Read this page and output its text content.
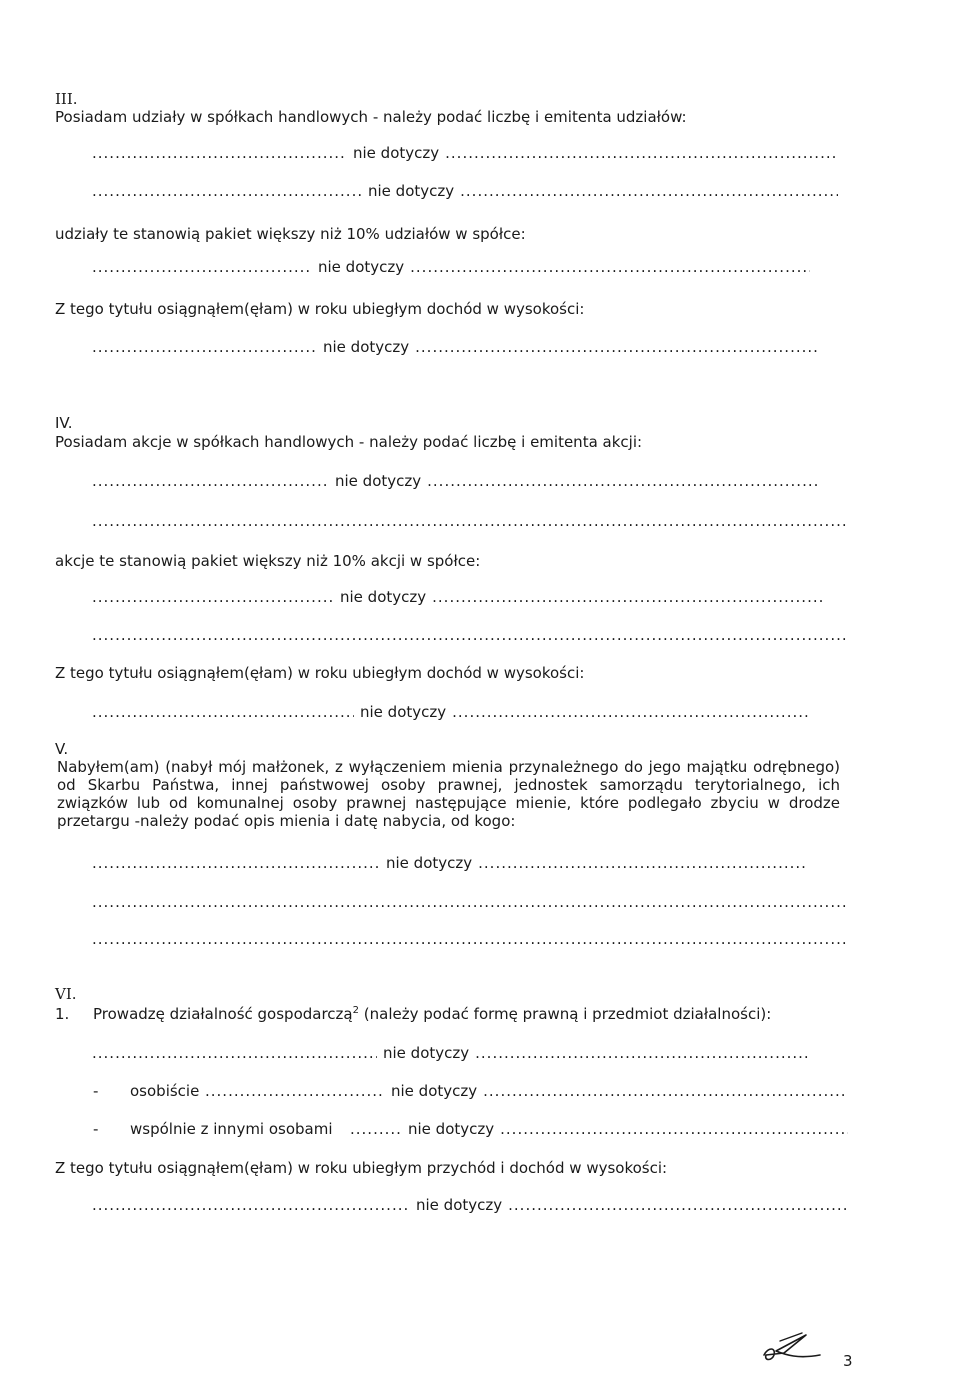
III.
Posiadam udziały w spółkach handlowych - należy podać liczbę i emitenta udziałów:
.....
nie dotyczy
.....
.....
nie dotyczy
.....
udziały te stanowią pakiet większy niż 10% udziałów w spółce:
.....
nie dotyczy
.....
Z tego tytułu osiągnąłem(ęłam) w roku ubiegłym dochód w wysokości:
.....
nie dotyczy
.....
IV.
Posiadam akcje w spółkach handlowych - należy podać liczbę i emitenta akcji:
.....
nie dotyczy
.....
.....
akcje te stanowią pakiet większy niż 10% akcji w spółce:
.....
nie dotyczy
.....
.....
Z tego tytułu osiągnąłem(ęłam) w roku ubiegłym dochód w wysokości:
.....
nie dotyczy
.....
V.
Nabyłem(am) (nabył mój małżonek, z wyłączeniem mienia przynależnego do jego majątku odrębnego) od Skarbu Państwa, innej państwowej osoby prawnej, jednostek samorządu terytorialnego, ich związków lub od komunalnej osoby prawnej następujące mienie, które podlegało zbyciu w drodze przetargu -należy podać opis mienia i datę nabycia, od kogo:
.....
nie dotyczy
.....
.....
.....
VI.
1. Prowadzę działalność gospodarczą$^2$ (należy podać formę prawną i przedmiot działalności):
.....
nie dotyczy
.....
- osobiście .....	nie dotyczy
.....
- wspólnie z innymi osobami .....	nie dotyczy
.....
Z tego tytułu osiągnąłem(ęłam) w roku ubiegłym przychód i dochód w wysokości:
.....
nie dotyczy
.....
3
